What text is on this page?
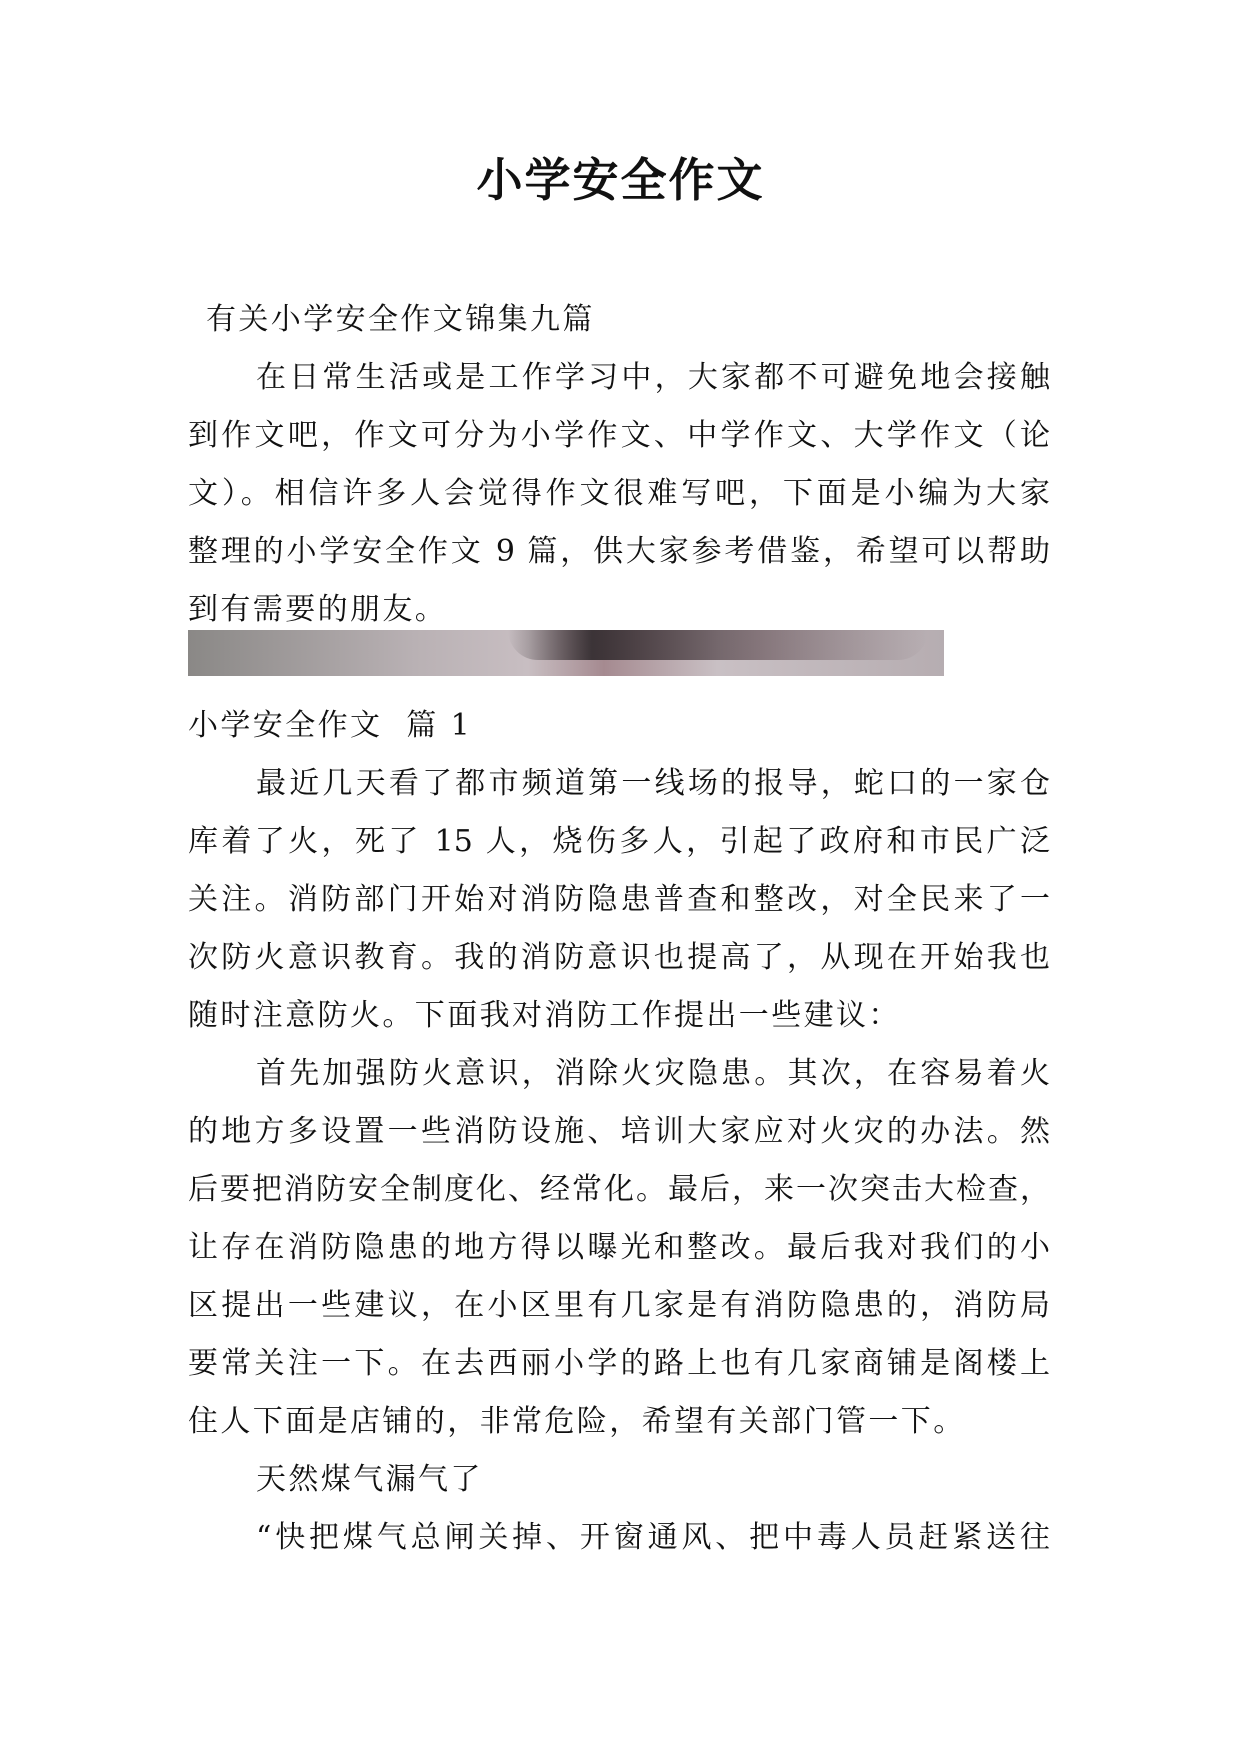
小学安全作文
有关小学安全作文锦集九篇
在日常生活或是工作学习中，大家都不可避免地会接触
到作文吧，作文可分为小学作文、中学作文、大学作文（论
文）。相信许多人会觉得作文很难写吧，下面是小编为大家
整理的小学安全作文 9 篇，供大家参考借鉴，希望可以帮助
到有需要的朋友。
小学安全作文  篇 1
最近几天看了都市频道第一线场的报导，蛇口的一家仓
库着了火，死了 15 人，烧伤多人，引起了政府和市民广泛
关注。消防部门开始对消防隐患普查和整改，对全民来了一
次防火意识教育。我的消防意识也提高了，从现在开始我也
随时注意防火。下面我对消防工作提出一些建议：
首先加强防火意识，消除火灾隐患。其次，在容易着火
的地方多设置一些消防设施、培训大家应对火灾的办法。然
后要把消防安全制度化、经常化。最后，来一次突击大检查，
让存在消防隐患的地方得以曝光和整改。最后我对我们的小
区提出一些建议，在小区里有几家是有消防隐患的，消防局
要常关注一下。在去西丽小学的路上也有几家商铺是阁楼上
住人下面是店铺的，非常危险，希望有关部门管一下。
天然煤气漏气了
“快把煤气总闸关掉、开窗通风、把中毒人员赶紧送往
